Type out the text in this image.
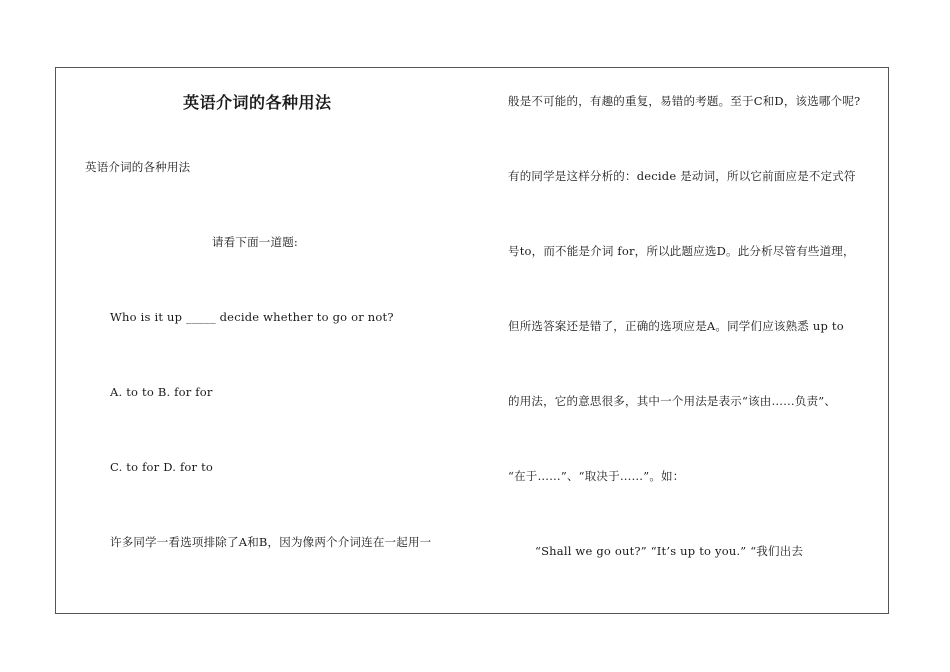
英语介词的各种用法
英语介词的各种用法
请看下面一道题:
Who is it up _____ decide whether to go or not?
A. to to B. for for
C. to for D. for to
许多同学一看选项排除了A和B，因为像两个介词连在一起用一
般是不可能的，有趣的重复，易错的考题。至于C和D，该选哪个呢?
有的同学是这样分析的：decide 是动词，所以它前面应是不定式符
号to，而不能是介词 for，所以此题应选D。此分析尽管有些道理，
但所选答案还是错了，正确的选项应是A。同学们应该熟悉 up to
的用法，它的意思很多，其中一个用法是表示“该由……负责”、
“在于……”、“取决于……”。如：
“Shall we go out?” “It’s up to you.” “我们出去
